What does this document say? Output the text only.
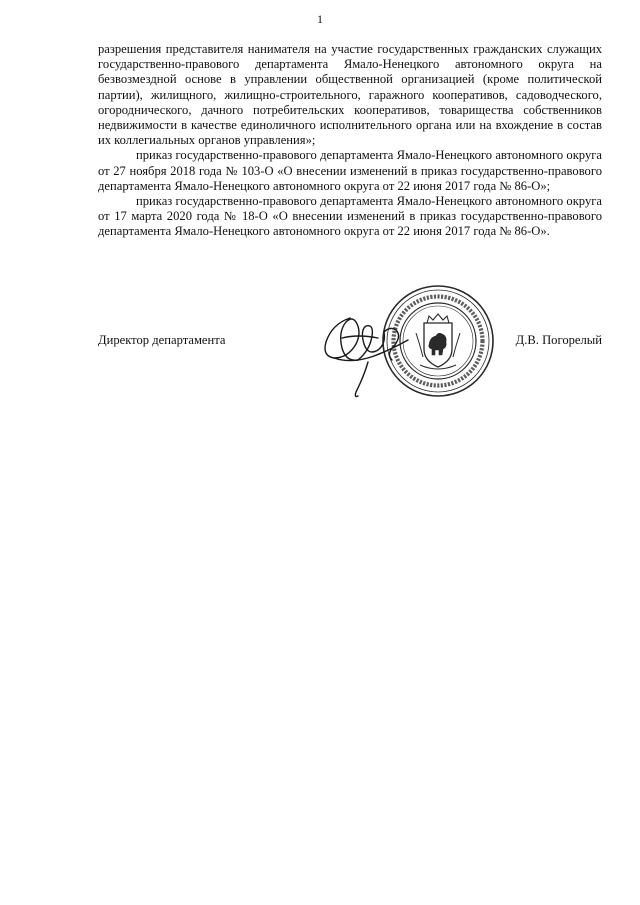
1

разрешения представителя нанимателя на участие государственных гражданских служащих государственно-правового департамента Ямало-Ненецкого автономного округа на безвозмездной основе в управлении общественной организацией (кроме политической партии), жилищного, жилищно-строительного, гаражного кооперативов, садоводческого, огороднического, дачного потребительских кооперативов, товарищества собственников недвижимости в качестве единоличного исполнительного органа или на вхождение в состав их коллегиальных органов управления»;

приказ государственно-правового департамента Ямало-Ненецкого автономного округа от 27 ноября 2018 года № 103-О «О внесении изменений в приказ государственно-правового департамента Ямало-Ненецкого автономного округа от 22 июня 2017 года № 86-О»;

приказ государственно-правового департамента Ямало-Ненецкого автономного округа от 17 марта 2020 года № 18-О «О внесении изменений в приказ государственно-правового департамента Ямало-Ненецкого автономного округа от 22 июня 2017 года № 86-О».

Директор департамента	Д.В. Погорелый
